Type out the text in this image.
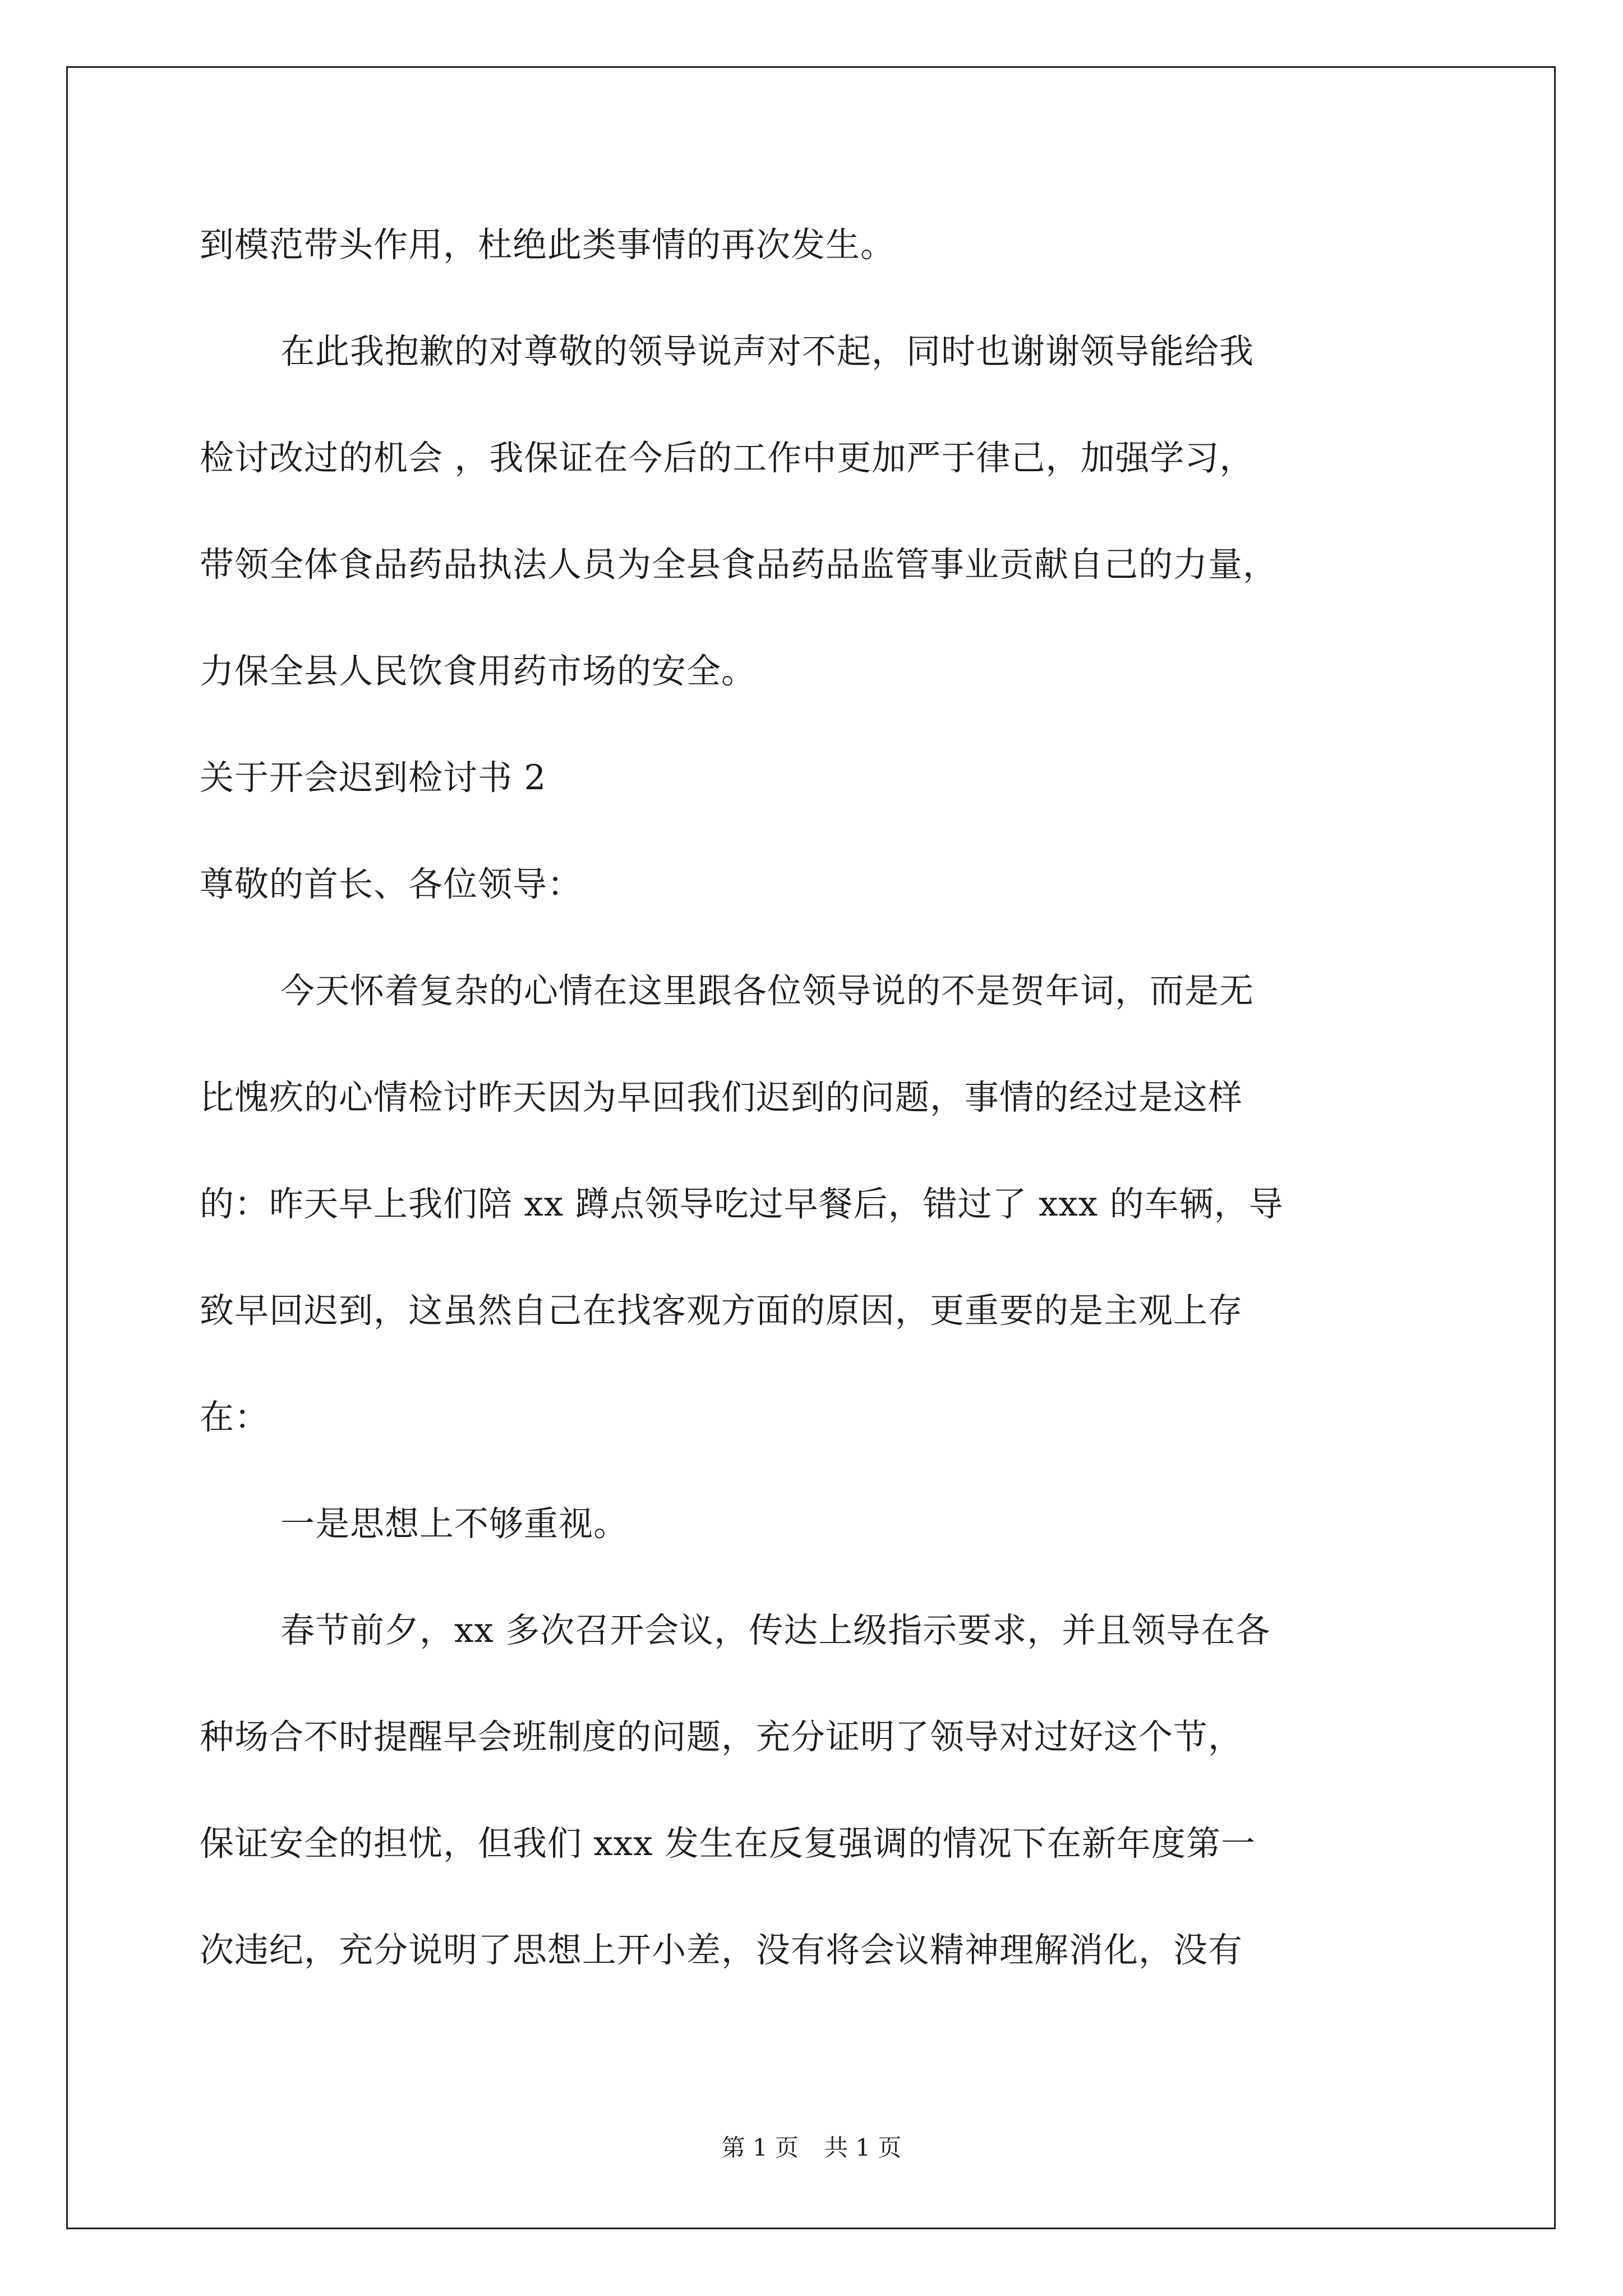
到模范带头作用，杜绝此类事情的再次发生。
在此我抱歉的对尊敬的领导说声对不起，同时也谢谢领导能给我
检讨改过的机会 ，我保证在今后的工作中更加严于律己，加强学习，
带领全体食品药品执法人员为全县食品药品监管事业贡献自己的力量，
力保全县人民饮食用药市场的安全。
关于开会迟到检讨书 2
尊敬的首长、各位领导：
今天怀着复杂的心情在这里跟各位领导说的不是贺年词，而是无
比愧疚的心情检讨昨天因为早回我们迟到的问题，事情的经过是这样
的：昨天早上我们陪 xx 蹲点领导吃过早餐后，错过了 xxx 的车辆，导
致早回迟到，这虽然自己在找客观方面的原因，更重要的是主观上存
在：
一是思想上不够重视。
春节前夕，xx 多次召开会议，传达上级指示要求，并且领导在各
种场合不时提醒早会班制度的问题，充分证明了领导对过好这个节，
保证安全的担忧，但我们 xxx 发生在反复强调的情况下在新年度第一
次违纪，充分说明了思想上开小差，没有将会议精神理解消化，没有
第 1 页 共 1 页
